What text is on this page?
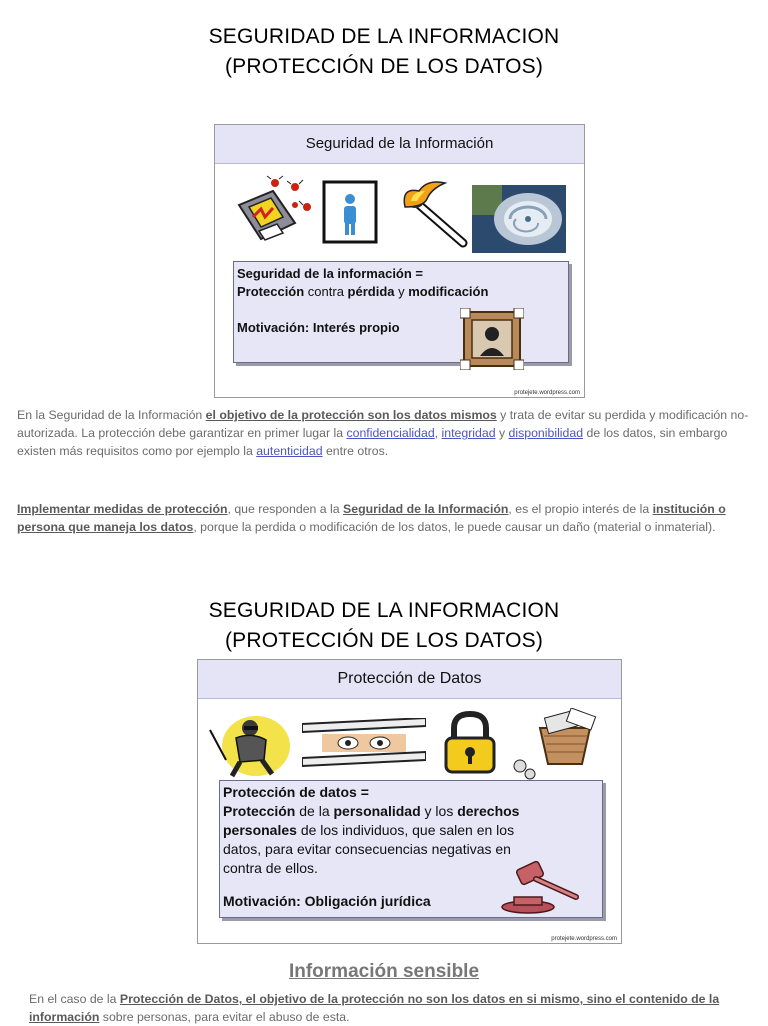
SEGURIDAD DE LA INFORMACION
(PROTECCIÓN DE LOS DATOS)
Seguridad de la Información
Seguridad de la información =
Protección contra pérdida y modificación
Motivación: Interés propio
protejete.wordpress.com
En la Seguridad de la Información el objetivo de la protección son los datos mismos y trata de evitar su perdida y modificación no-autorizada. La protección debe garantizar en primer lugar la confidencialidad, integridad y disponibilidad de los datos, sin embargo existen más requisitos como por ejemplo la autenticidad entre otros.
Implementar medidas de protección, que responden a la Seguridad de la Información, es el propio interés de la institución o persona que maneja los datos, porque la perdida o modificación de los datos, le puede causar un daño (material o inmaterial).
SEGURIDAD DE LA INFORMACION
(PROTECCIÓN DE LOS DATOS)
Protección de Datos
Protección de datos =
Protección de la personalidad y los derechos
personales de los individuos, que salen en los
datos, para evitar consecuencias negativas en
contra de ellos.
Motivación: Obligación jurídica
protejete.wordpress.com
Información sensible
En el caso de la Protección de Datos, el objetivo de la protección no son los datos en si mismo, sino el contenido de la información sobre personas, para evitar el abuso de esta.
